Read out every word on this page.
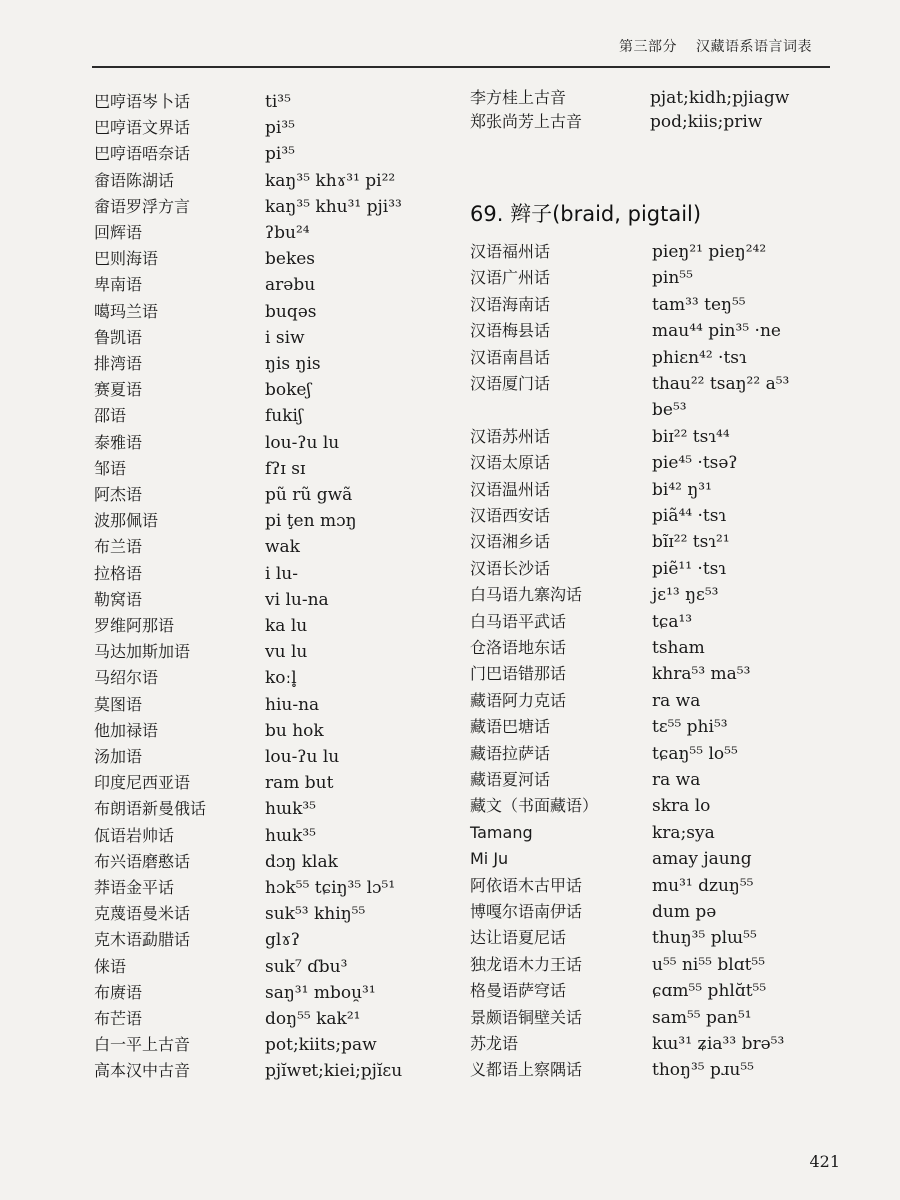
第三部分 汉藏语系语言词表
巴哼语岑卜话	ti³⁵
巴哼语文界话	pi³⁵
巴哼语唔奈话	pi³⁵
畲语陈湖话	kaŋ³⁵ khɤ³¹ pi²²
畲语罗浮方言	kaŋ³⁵ khu³¹ pji³³
回辉语	ʔbu²⁴
巴则海语	bekes
卑南语	arəbu
噶玛兰语	buqəs
鲁凯语	i siw
排湾语	ŋis ŋis
赛夏语	bokeʃ
邵语	fukiʃ
泰雅语	lou-ʔu lu
邹语	fʔɪ sɪ
阿杰语	pũ rũ gwã
波那佩语	pi ţen mɔŋ
布兰语	wak
拉格语	i lu-
勒窝语	vi lu-na
罗维阿那语	ka lu
马达加斯加语	vu lu
马绍尔语	koːl̥
莫图语	hiu-na
他加禄语	bu hok
汤加语	lou-ʔu lu
印度尼西亚语	ram but
布朗语新曼俄话	hɯk³⁵
佤语岩帅话	hɯk³⁵
布兴语磨憨话	dɔŋ klak
莽语金平话	hɔk⁵⁵ tɕiŋ³⁵ lɔ⁵¹
克蔑语曼米话	suk⁵³ khiŋ⁵⁵
克木语勐腊话	glɤʔ
俫语	suk⁷ ɗbu³
布赓语	saŋ³¹ mbou̯³¹
布芒语	doŋ⁵⁵ kak²¹
白一平上古音	pot;kiits;paw
高本汉中古音	pjĭwɐt;kiei;pjĭɛu
李方桂上古音	pjat;kidh;pjiagw
郑张尚芳上古音	pod;kiis;priw
69. 辫子(braid, pigtail)
汉语福州话	pieŋ²¹ pieŋ²⁴²
汉语广州话	pin⁵⁵
汉语海南话	tam³³ teŋ⁵⁵
汉语梅县话	mau⁴⁴ pin³⁵ ·ne
汉语南昌话	phiɛn⁴² ·tsɿ
汉语厦门话	thau²² tsaŋ²² a⁵³
be⁵³
汉语苏州话	biɪ²² tsɿ⁴⁴
汉语太原话	pie⁴⁵ ·tsəʔ
汉语温州话	bi⁴² ŋ³¹
汉语西安话	piã⁴⁴ ·tsɿ
汉语湘乡话	bĩɪ²² tsɿ²¹
汉语长沙话	piẽ¹¹ ·tsɿ
白马语九寨沟话	jɛ¹³ ŋɛ⁵³
白马语平武话	tɕa¹³
仓洛语地东话	tsham
门巴语错那话	khra⁵³ ma⁵³
藏语阿力克话	ra wa
藏语巴塘话	tɛ⁵⁵ phi⁵³
藏语拉萨话	tɕaŋ⁵⁵ lo⁵⁵
藏语夏河话	ra wa
藏文（书面藏语）	skra lo
Tamang	kra;sya
Mi Ju	amay jaung
阿依语木古甲话	mu³¹ dzuŋ⁵⁵
博嘎尔语南伊话	dum pə
达让语夏尼话	thuŋ³⁵ plɯ⁵⁵
独龙语木力王话	u⁵⁵ ni⁵⁵ blɑt⁵⁵
格曼语萨穹话	ɕɑm⁵⁵ phlɑ̆t⁵⁵
景颇语铜壁关话	sam⁵⁵ pan⁵¹
苏龙语	kɯ³¹ ʑia³³ brə⁵³
义都语上察隅话	thoŋ³⁵ pɹu⁵⁵
421
